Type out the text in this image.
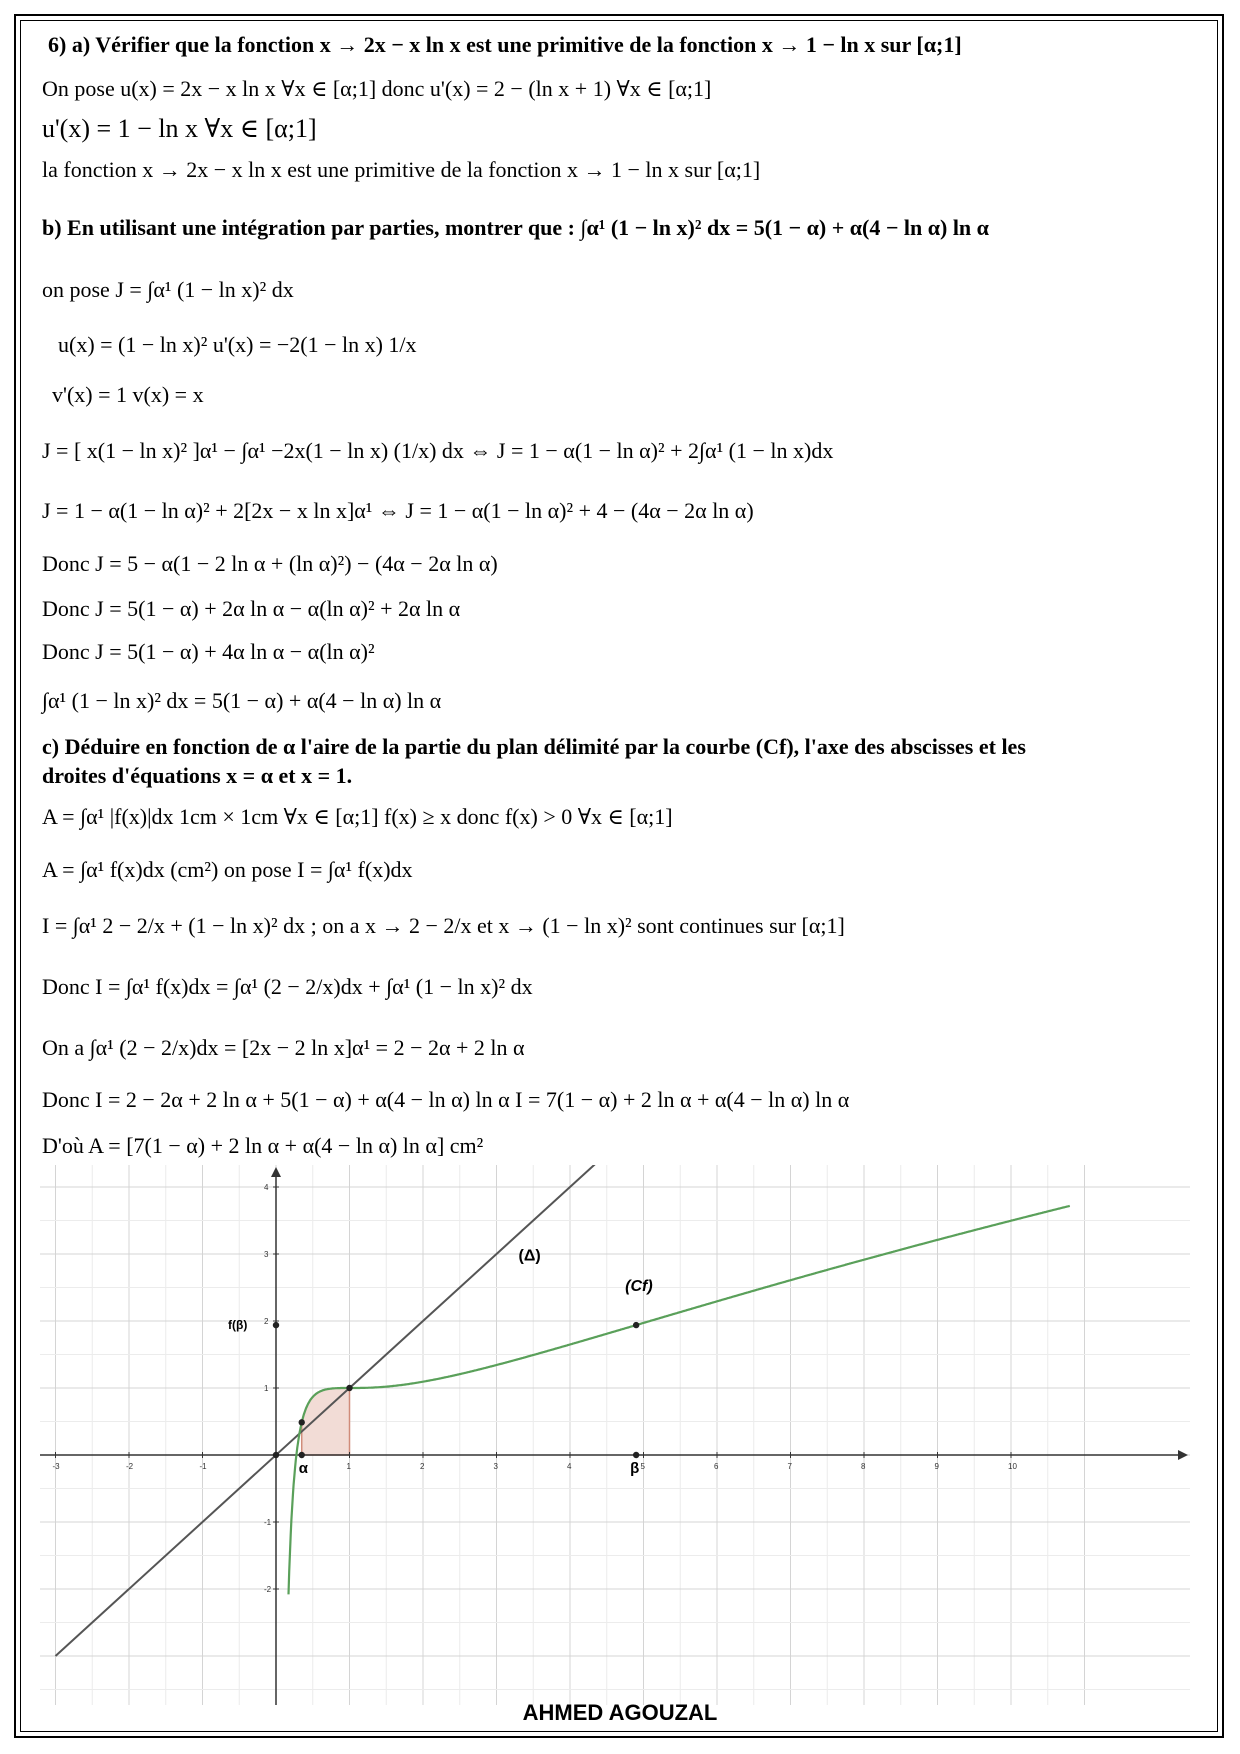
6) a) Vérifier que la fonction x → 2x − x ln x est une primitive de la fonction x → 1 − ln x sur [α;1]
On pose u(x) = 2x − x ln x ∀x ∈ [α;1] donc u'(x) = 2 − (ln x + 1) ∀x ∈ [α;1]
u'(x) = 1 − ln x ∀x ∈ [α;1]
la fonction x → 2x − x ln x est une primitive de la fonction x → 1 − ln x sur [α;1]
b) En utilisant une intégration par parties, montrer que : ∫α¹ (1 − ln x)² dx = 5(1 − α) + α(4 − ln α) ln α
on pose J = ∫α¹ (1 − ln x)² dx
u(x) = (1 − ln x)² u'(x) = −2(1 − ln x) 1/x
v'(x) = 1 v(x) = x
J = [ x(1 − ln x)² ]α¹ − ∫α¹ −2x(1 − ln x) (1/x) dx ⇔ J = 1 − α(1 − ln α)² + 2∫α¹ (1 − ln x)dx
J = 1 − α(1 − ln α)² + 2[2x − x ln x]α¹ ⇔ J = 1 − α(1 − ln α)² + 4 − (4α − 2α ln α)
Donc J = 5 − α(1 − 2 ln α + (ln α)²) − (4α − 2α ln α)
Donc J = 5(1 − α) + 2α ln α − α(ln α)² + 2α ln α
Donc J = 5(1 − α) + 4α ln α − α(ln α)²
∫α¹ (1 − ln x)² dx = 5(1 − α) + α(4 − ln α) ln α
c) Déduire en fonction de α l'aire de la partie du plan délimité par la courbe (Cf), l'axe des abscisses et les
droites d'équations x = α et x = 1.
A = ∫α¹ |f(x)|dx 1cm × 1cm ∀x ∈ [α;1] f(x) ≥ x donc f(x) > 0 ∀x ∈ [α;1]
A = ∫α¹ f(x)dx (cm²) on pose I = ∫α¹ f(x)dx
I = ∫α¹ 2 − 2/x + (1 − ln x)² dx ; on a x → 2 − 2/x et x → (1 − ln x)² sont continues sur [α;1]
Donc I = ∫α¹ f(x)dx = ∫α¹ (2 − 2/x)dx + ∫α¹ (1 − ln x)² dx
On a ∫α¹ (2 − 2/x)dx = [2x − 2 ln x]α¹ = 2 − 2α + 2 ln α
Donc I = 2 − 2α + 2 ln α + 5(1 − α) + α(4 − ln α) ln α I = 7(1 − α) + 2 ln α + α(4 − ln α) ln α
D'où A = [7(1 − α) + 2 ln α + α(4 − ln α) ln α] cm²
-3	-2	-1	1	2	3	4	5	6	7	8	9	10
-2
-1
1
2
3
4
(Δ)
(Cf)
f(β)
α	β
AHMED AGOUZAL
